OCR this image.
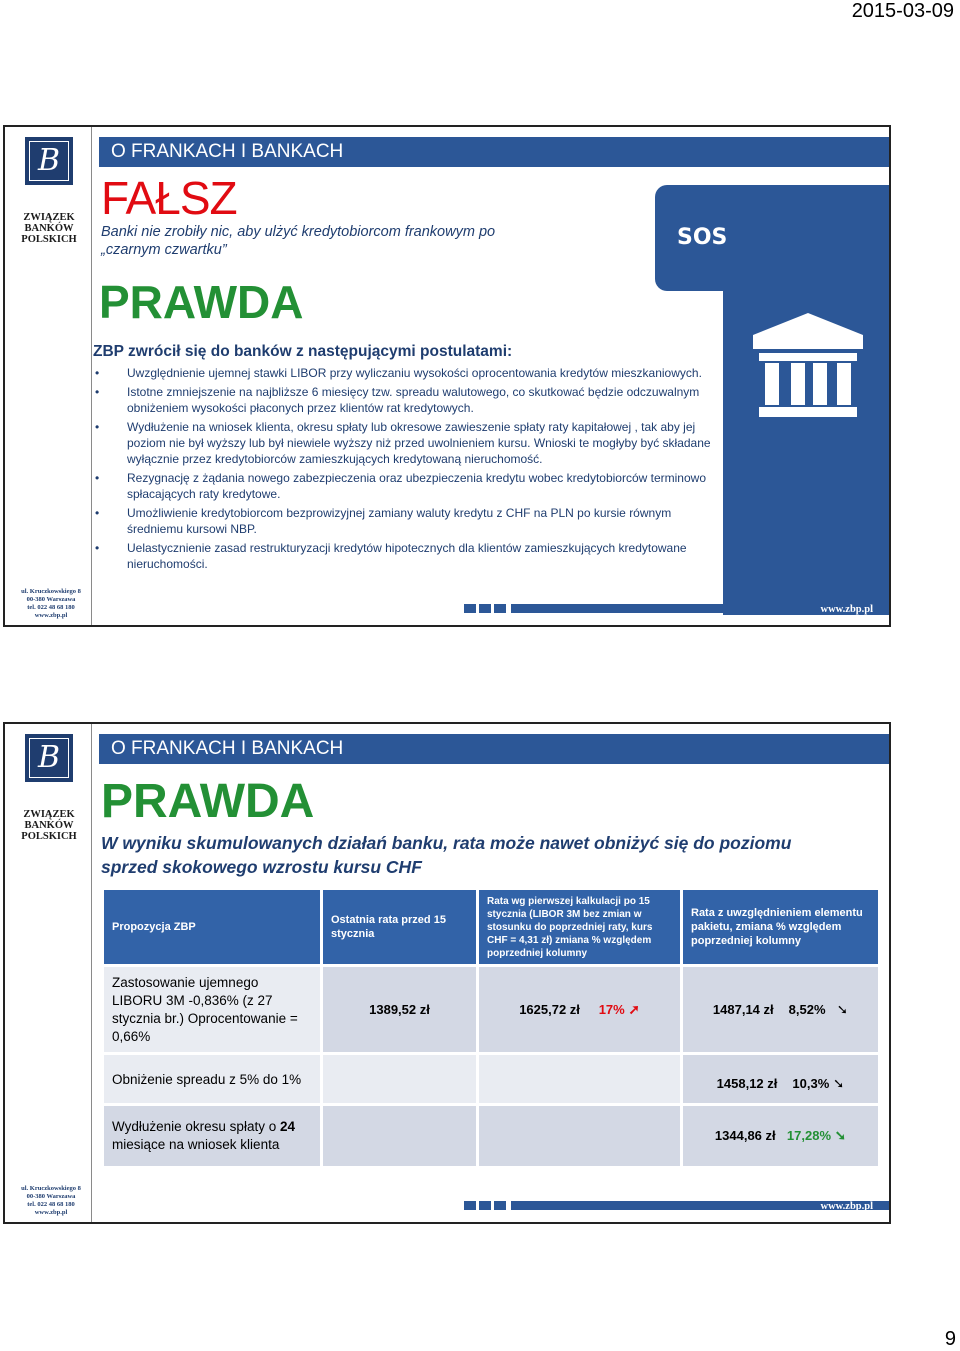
2015-03-09
B
ZWIĄZEK
BANKÓW
POLSKICH
ul. Kruczkowskiego 8
00-380 Warszawa
tel. 022 48 68 180
www.zbp.pl
O FRANKACH I BANKACH
SOS
FAŁSZ
Banki nie zrobiły nic, aby ulżyć kredytobiorcom frankowym po „czarnym czwartku”
PRAWDA
ZBP zwrócił się do banków z następującymi postulatami:
• Uwzględnienie ujemnej stawki LIBOR przy wyliczaniu wysokości oprocentowania kredytów mieszkaniowych.
• Istotne zmniejszenie na najbliższe 6 miesięcy tzw. spreadu walutowego, co skutkować będzie odczuwalnym obniżeniem wysokości płaconych przez klientów rat kredytowych.
• Wydłużenie na wniosek klienta, okresu spłaty lub okresowe zawieszenie spłaty raty kapitałowej , tak aby jej poziom nie był wyższy lub był niewiele wyższy niż przed uwolnieniem kursu. Wnioski te mogłyby być składane wyłącznie przez kredytobiorców zamieszkujących kredytowaną nieruchomość.
• Rezygnację z żądania nowego zabezpieczenia oraz ubezpieczenia kredytu wobec kredytobiorców terminowo spłacających raty kredytowe.
• Umożliwienie kredytobiorcom bezprowizyjnej zamiany waluty kredytu z CHF na PLN po kursie równym średniemu kursowi NBP.
• Uelastycznienie zasad restrukturyzacji kredytów hipotecznych dla klientów zamieszkujących kredytowane nieruchomości.
www.zbp.pl
B
ZWIĄZEK
BANKÓW
POLSKICH
ul. Kruczkowskiego 8
00-380 Warszawa
tel. 022 48 68 180
www.zbp.pl
O FRANKACH I BANKACH
PRAWDA
W wyniku skumulowanych działań banku, rata może nawet obniżyć się do poziomu sprzed skokowego wzrostu kursu CHF
Propozycja ZBP	Ostatnia rata przed 15 stycznia	Rata wg pierwszej kalkulacji po 15 stycznia (LIBOR 3M bez zmian w stosunku do poprzedniej raty, kurs CHF = 4,31 zł) zmiana % względem poprzedniej kolumny	Rata z uwzględnieniem elementu pakietu, zmiana % względem poprzedniej kolumny
Zastosowanie ujemnego LIBORU 3M -0,836% (z 27 stycznia br.) Oprocentowanie = 0,66%	1389,52 zł	1625,72 zł 17% ➚	1487,14 zł 8,52% ➘
Obniżenie spreadu z 5% do 1%			1458,12 zł 10,3% ➘
Wydłużenie okresu spłaty o 24 miesiące na wniosek klienta			1344,86 zł 17,28% ➘
www.zbp.pl
9
